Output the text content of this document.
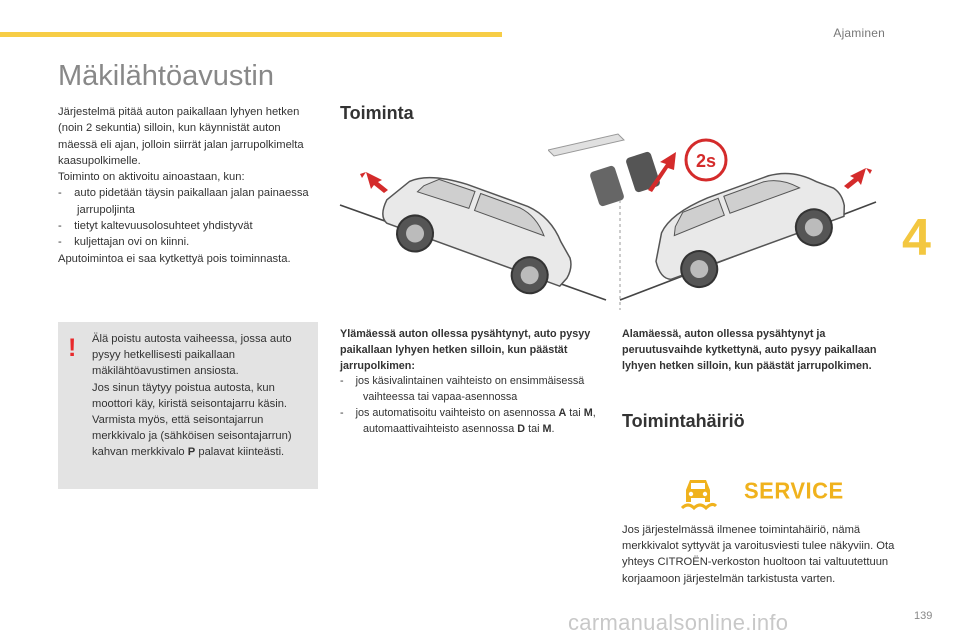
Ajaminen
4
Mäkilähtöavustin

Järjestelmä pitää auton paikallaan lyhyen hetken (noin 2 sekuntia) silloin, kun käynnistät auton mäessä eli ajan, jolloin siirrät jalan jarrupolkimelta kaasupolkimelle.

Toiminto on aktivoitu ainoastaan, kun:

-    auto pidetään täysin paikallaan jalan painaessa jarrupoljinta
-    tietyt kaltevuusolosuhteet yhdistyvät
-    kuljettajan ovi on kiinni.

Aputoimintoa ei saa kytkettyä pois toiminnasta.

! Älä poistu autosta vaiheessa, jossa auto pysyy hetkellisesti paikallaan mäkilähtöavustimen ansiosta.

Jos sinun täytyy poistua autosta, kun moottori käy, kiristä seisontajarru käsin. Varmista myös, että seisontajarrun merkkivalo ja (sähköisen seisontajarrun) kahvan merkkivalo P palavat kiinteästi.

Toiminta
2s

Ylämäessä auton ollessa pysähtynyt, auto pysyy paikallaan lyhyen hetken silloin, kun päästät jarrupolkimen:

-    jos käsivalintainen vaihteisto on ensimmäisessä vaihteessa tai vapaa-asennossa
-    jos automatisoitu vaihteisto on asennossa A tai M, automaattivaihteisto asennossa D tai M.
Alamäessä, auton ollessa pysähtynyt ja peruutusvaihde kytkettynä, auto pysyy paikallaan lyhyen hetken silloin, kun päästät jarrupolkimen.
Toimintahäiriö
SERVICE
Jos järjestelmässä ilmenee toimintahäiriö, nämä merkkivalot syttyvät ja varoitusviesti tulee näkyviin. Ota yhteys CITROËN-verkoston huoltoon tai valtuutettuun korjaamoon järjestelmän tarkistusta varten.
carmanualsonline.info	139
